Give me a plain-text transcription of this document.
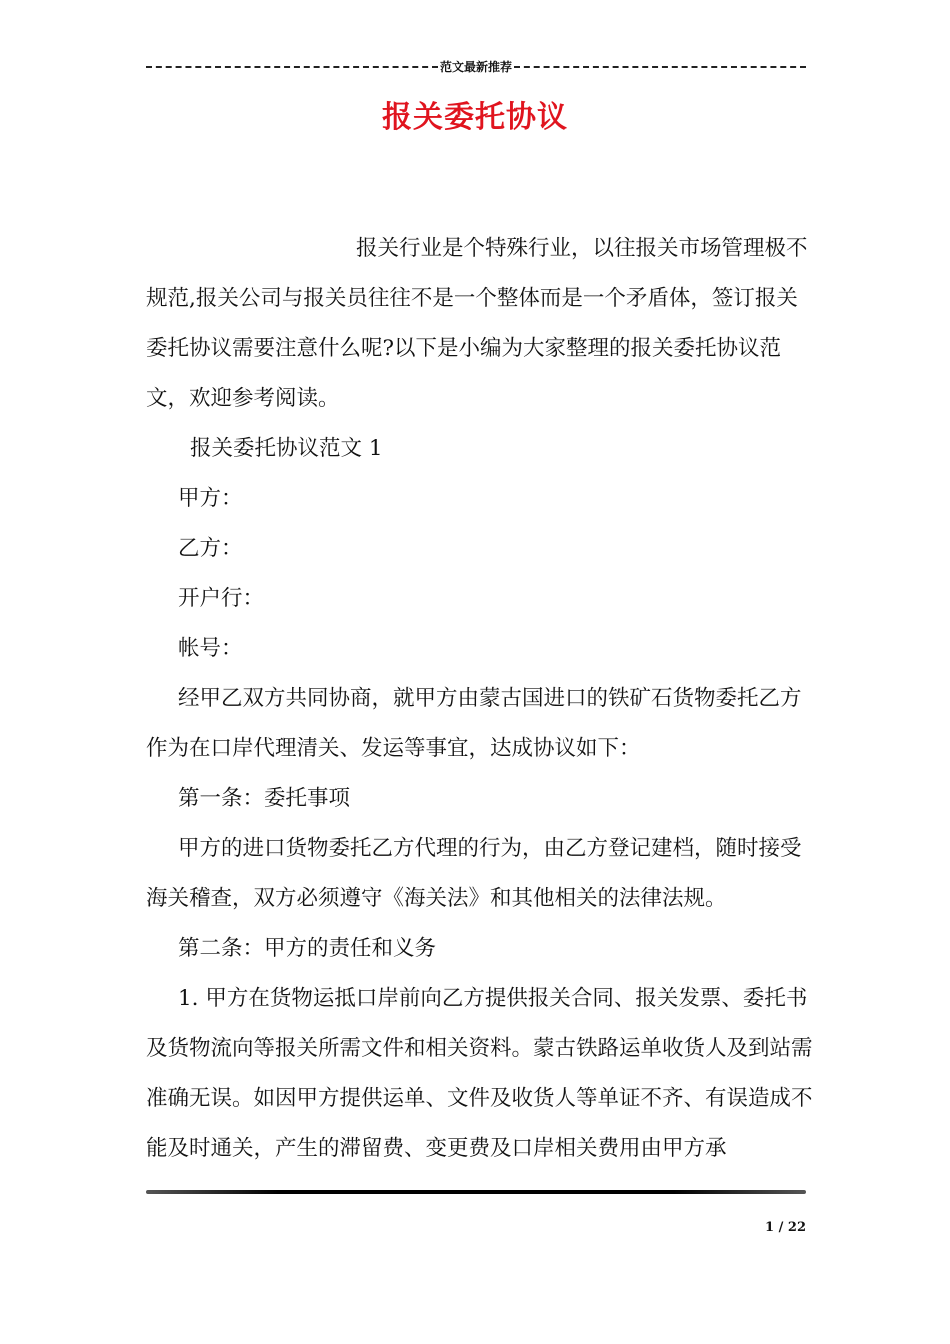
范文最新推荐
报关委托协议

报关行业是个特殊行业，以往报关市场管理极不规范,报关公司与报关员往往不是一个整体而是一个矛盾体，签订报关委托协议需要注意什么呢?以下是小编为大家整理的报关委托协议范文，欢迎参考阅读。

报关委托协议范文 1

甲方：

乙方：

开户行：

帐号：

经甲乙双方共同协商，就甲方由蒙古国进口的铁矿石货物委托乙方作为在口岸代理清关、发运等事宜，达成协议如下：

第一条：委托事项

甲方的进口货物委托乙方代理的行为，由乙方登记建档，随时接受海关稽查，双方必须遵守《海关法》和其他相关的法律法规。

第二条：甲方的责任和义务

1. 甲方在货物运抵口岸前向乙方提供报关合同、报关发票、委托书及货物流向等报关所需文件和相关资料。蒙古铁路运单收货人及到站需准确无误。如因甲方提供运单、文件及收货人等单证不齐、有误造成不能及时通关，产生的滞留费、变更费及口岸相关费用由甲方承

1 / 22
